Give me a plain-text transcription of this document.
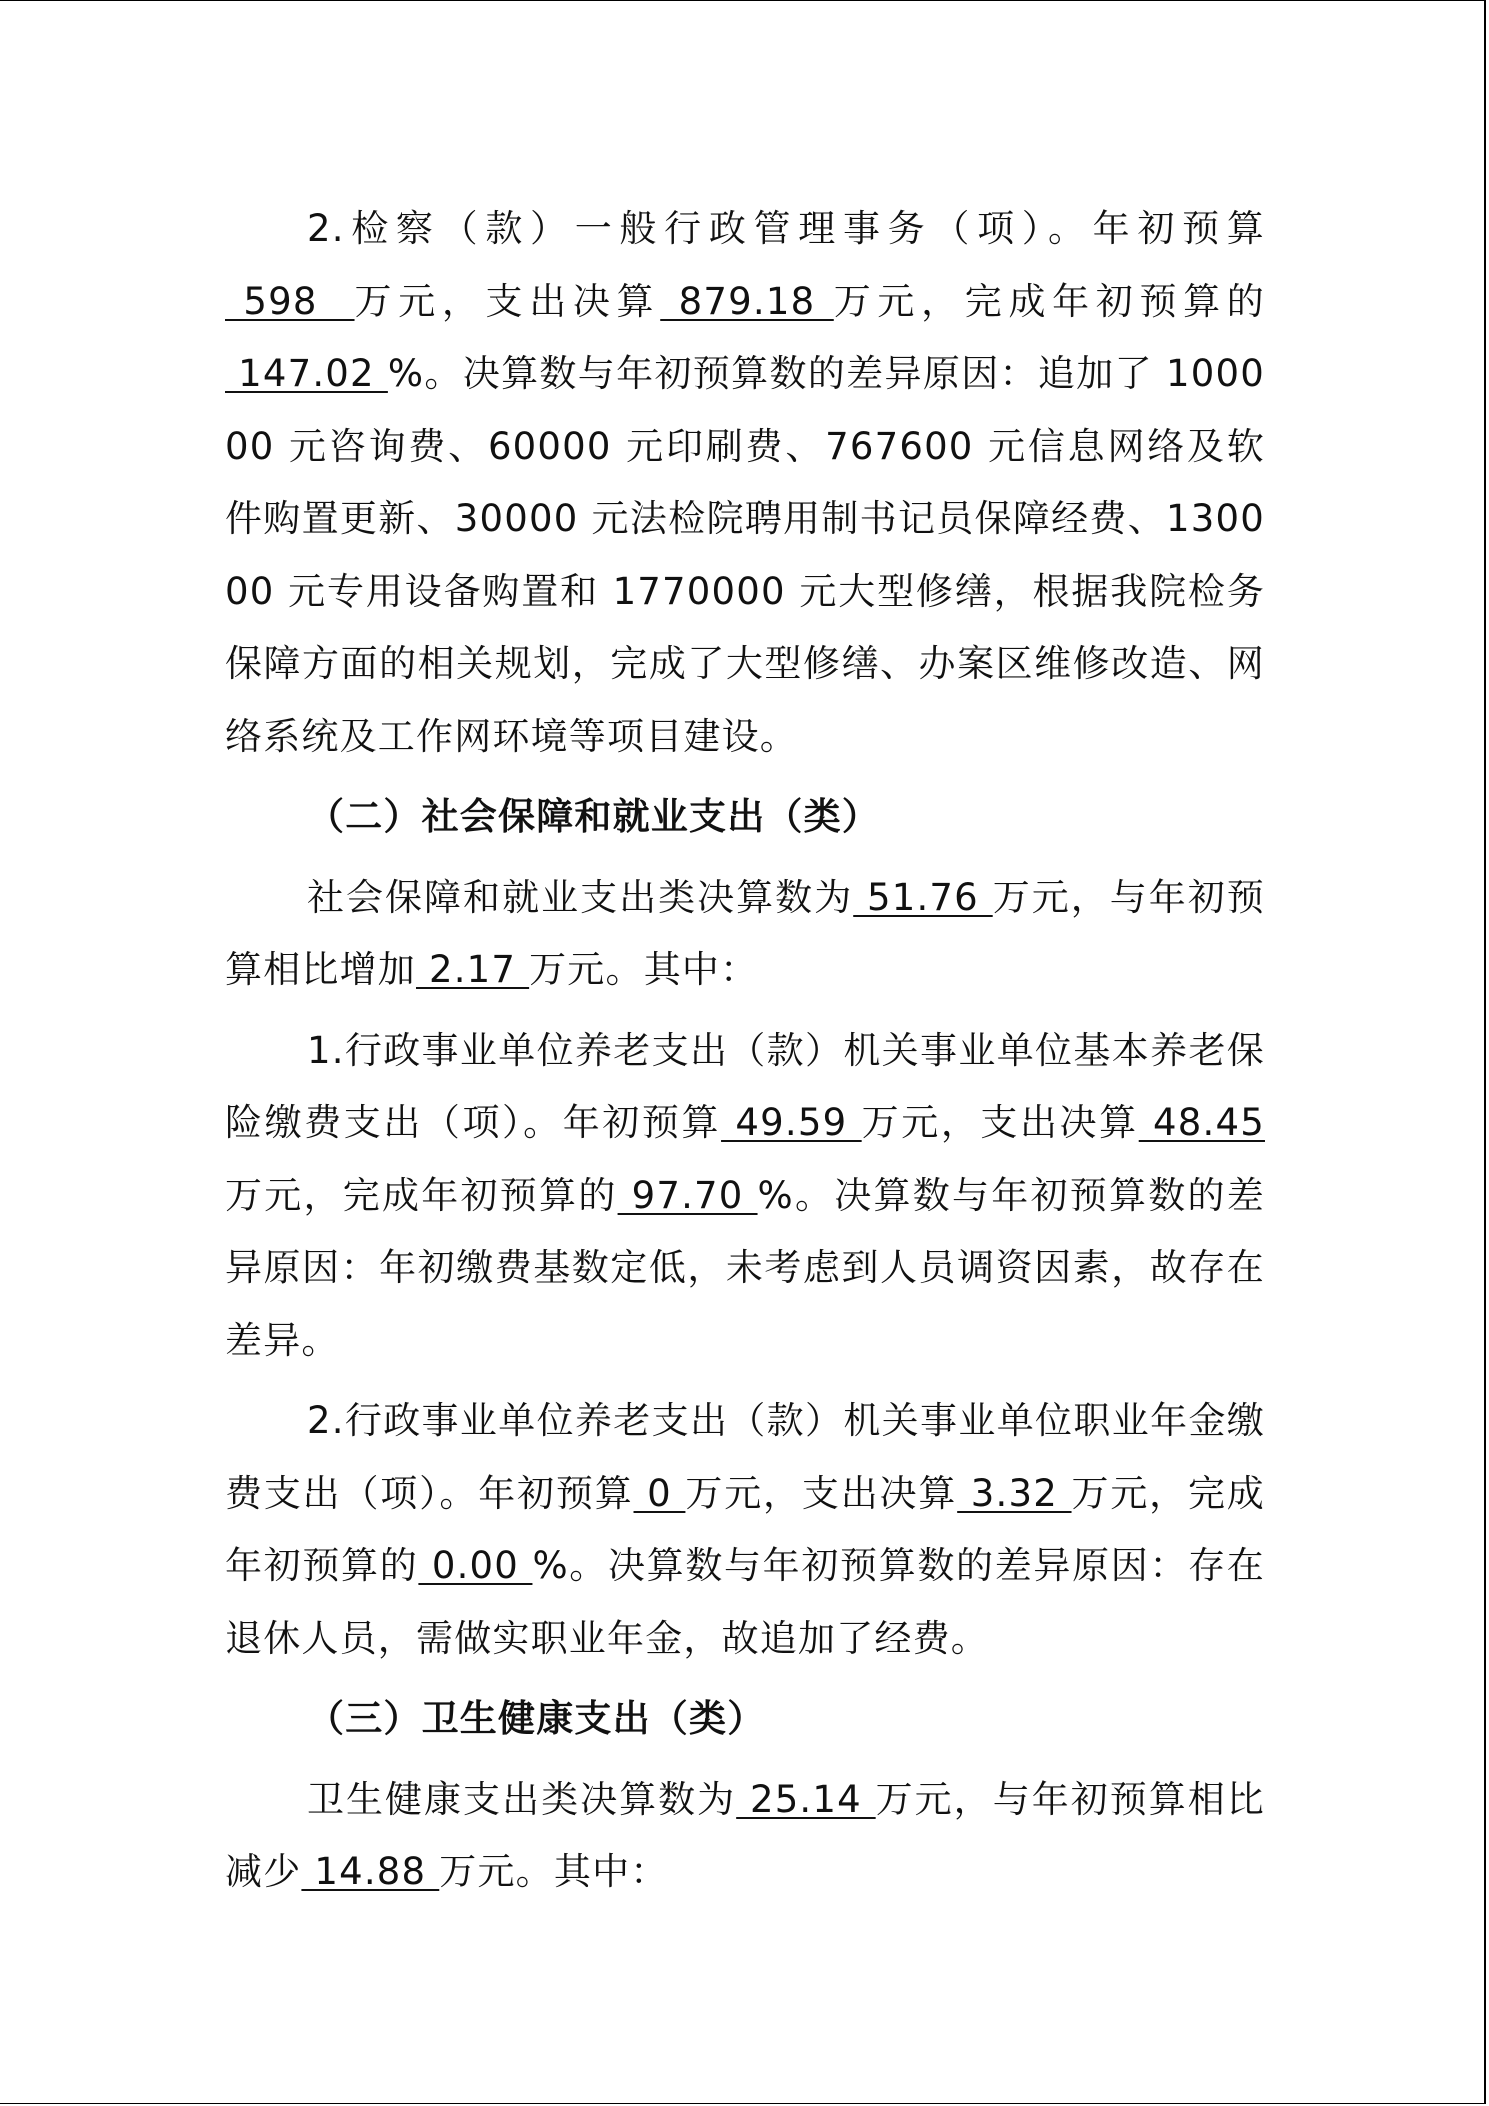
2.检察（款）一般行政管理事务（项）。年初预算 598  万元，支出决算 879.18 万元，完成年初预算的 147.02 %。决算数与年初预算数的差异原因：追加了 100000 元咨询费、60000 元印刷费、767600 元信息网络及软件购置更新、30000 元法检院聘用制书记员保障经费、130000 元专用设备购置和 1770000 元大型修缮，根据我院检务保障方面的相关规划，完成了大型修缮、办案区维修改造、网络系统及工作网环境等项目建设。

（二）社会保障和就业支出（类）

社会保障和就业支出类决算数为 51.76 万元，与年初预算相比增加 2.17 万元。其中：

1.行政事业单位养老支出（款）机关事业单位基本养老保险缴费支出（项）。年初预算 49.59 万元，支出决算 48.45万元，完成年初预算的 97.70 %。决算数与年初预算数的差异原因：年初缴费基数定低，未考虑到人员调资因素，故存在差异。

2.行政事业单位养老支出（款）机关事业单位职业年金缴费支出（项）。年初预算 0 万元，支出决算 3.32 万元，完成年初预算的 0.00 %。决算数与年初预算数的差异原因：存在退休人员，需做实职业年金，故追加了经费。

（三）卫生健康支出（类）

卫生健康支出类决算数为 25.14 万元，与年初预算相比减少 14.88 万元。其中：
